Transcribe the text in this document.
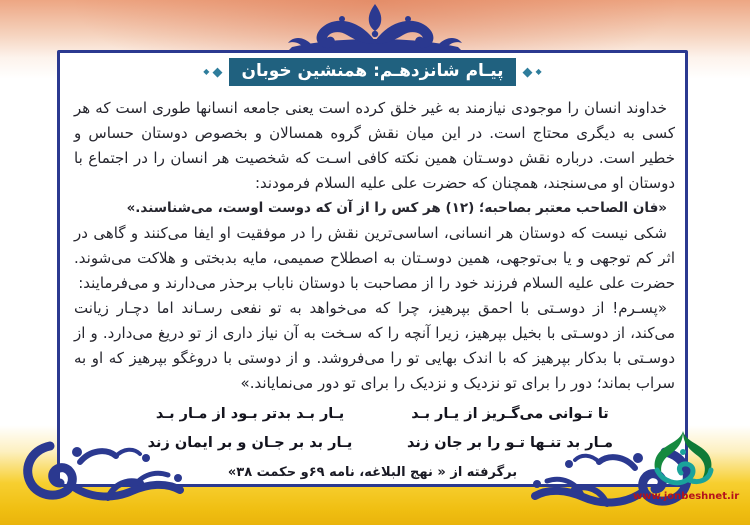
◆
◆
پیـام شانزدهـم: همنشین خوبان
◆
◆

خداوند انسان را موجودی نیازمند به غیر خلق کرده است یعنی جامعه انسانها طوری است که هر کسی به دیگری محتاج است. در این میان نقش گروه همسالان و بخصوص دوستان حساس و خطیر است. درباره نقش دوسـتان همین نکته کافی اسـت که شخصیت هر انسان را در اجتماع با دوستان او می‌سنجند، همچنان که حضرت علی علیه السلام فرمودند:

«فان الصاحب معتبر بصاحبه؛ (۱۲) هر کس را از آن که دوست اوست، می‌شناسند.»

شکی نیست که دوستان هر انسانی، اساسی‌ترین نقش را در موفقیت او ایفا می‌کنند و گاهی در اثر کم توجهی و یا بی‌توجهی، همین دوسـتان به اصطلاح صمیمی، مایه بدبختی و هلاکت می‌شوند. حضرت علی علیه السلام فرزند خود را از مصاحبت با دوستان ناباب برحذر می‌دارند و می‌فرمایند:

«پسـرم! از دوسـتی با احمق بپرهیز، چرا که می‌خواهد به تو نفعی رسـاند اما دچـار زیانت می‌کند، از دوسـتی با بخیل بپرهیز، زیرا آنچه را که سـخت به آن نیاز داری از تو دریغ می‌دارد. و از دوسـتی با بدکار بپرهیز که با اندک بهایی تو را می‌فروشد. و از دوستی با دروغگو بپرهیز که او به سراب بماند؛ دور را برای تو نزدیک و نزدیک را برای تو دور می‌نمایاند.»

تا تـوانی می‌گـریز از یـار بـد
یـار بـد بدتر بـود از مـار بـد
مـار بد تنـها تـو را بر جان زند
یـار بد بر جـان و بر ایمان زند
برگرفته از « نهج البلاغه، نامه ۶۹و حکمت ۳۸»
www.jonbeshnet.ir
